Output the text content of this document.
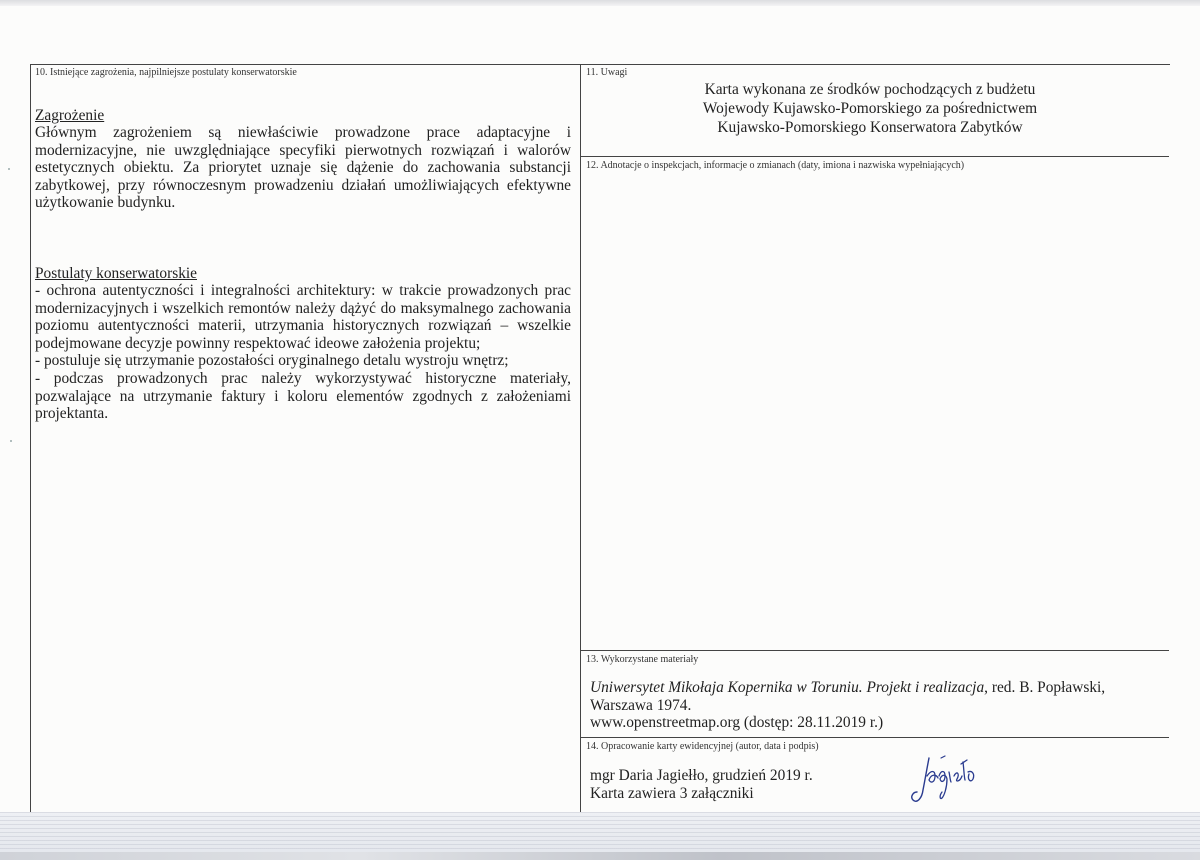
10. Istniejące zagrożenia, najpilniejsze postulaty konserwatorskie
Zagrożenie
Głównym zagrożeniem są niewłaściwie prowadzone prace adaptacyjne i modernizacyjne, nie uwzględniające specyfiki pierwotnych rozwiązań i walorów estetycznych obiektu. Za priorytet uznaje się dążenie do zachowania substancji zabytkowej, przy równoczesnym prowadzeniu działań umożliwiających efektywne użytkowanie budynku.
Postulaty konserwatorskie

- ochrona autentyczności i integralności architektury: w trakcie prowadzonych prac modernizacyjnych i wszelkich remontów należy dążyć do maksymalnego zachowania poziomu autentyczności materii, utrzymania historycznych rozwiązań – wszelkie podejmowane decyzje powinny respektować ideowe założenia projektu;

- postuluje się utrzymanie pozostałości oryginalnego detalu wystroju wnętrz;

- podczas prowadzonych prac należy wykorzystywać historyczne materiały, pozwalające na utrzymanie faktury i koloru elementów zgodnych z założeniami projektanta.

11. Uwagi
Karta wykonana ze środków pochodzących z budżetu
Wojewody Kujawsko-Pomorskiego za pośrednictwem
Kujawsko-Pomorskiego Konserwatora Zabytków
12. Adnotacje o inspekcjach, informacje o zmianach (daty, imiona i nazwiska wypełniających)
13. Wykorzystane materiały
Uniwersytet Mikołaja Kopernika w Toruniu. Projekt i realizacja, red. B. Popławski, Warszawa 1974.
www.openstreetmap.org (dostęp: 28.11.2019 r.)
14. Opracowanie karty ewidencyjnej (autor, data i podpis)
mgr Daria Jagiełło, grudzień 2019 r.
Karta zawiera 3 załączniki
